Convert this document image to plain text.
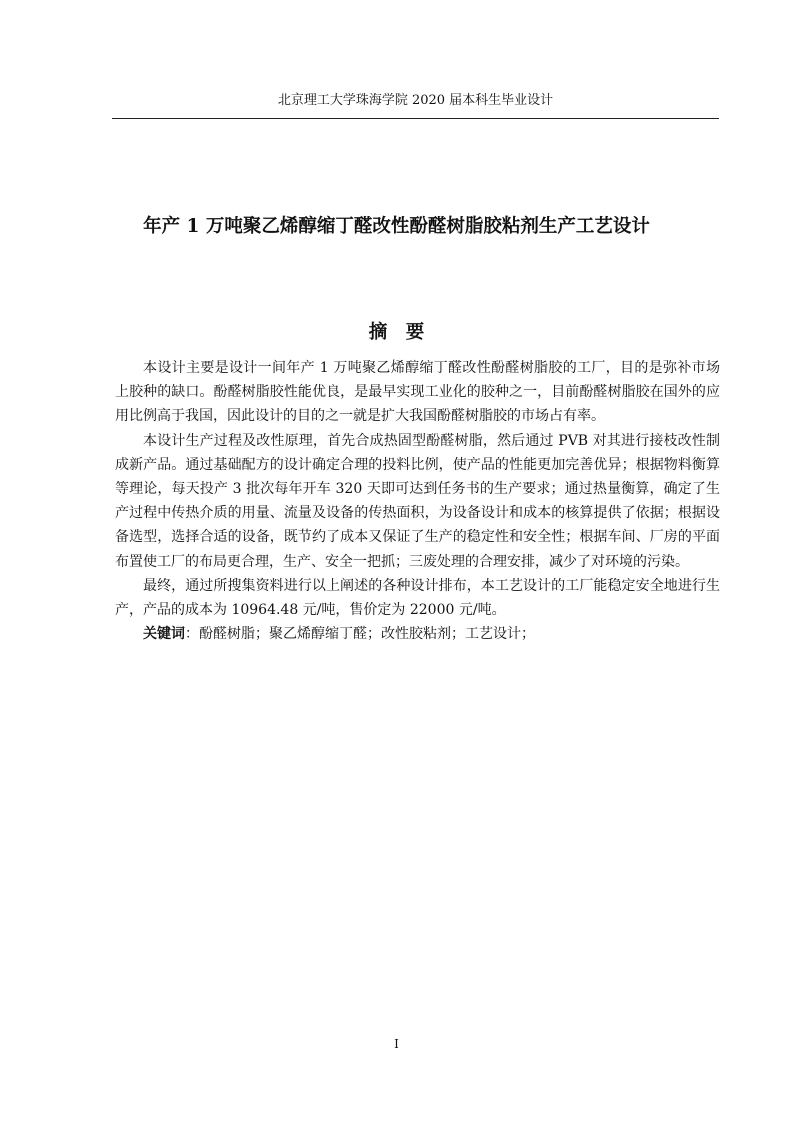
北京理工大学珠海学院 2020 届本科生毕业设计
年产 1 万吨聚乙烯醇缩丁醛改性酚醛树脂胶粘剂生产工艺设计
摘　要

本设计主要是设计一间年产 1 万吨聚乙烯醇缩丁醛改性酚醛树脂胶的工厂，目的是弥补市场上胶种的缺口。酚醛树脂胶性能优良，是最早实现工业化的胶种之一，目前酚醛树脂胶在国外的应用比例高于我国，因此设计的目的之一就是扩大我国酚醛树脂胶的市场占有率。

本设计生产过程及改性原理，首先合成热固型酚醛树脂，然后通过 PVB 对其进行接枝改性制成新产品。通过基础配方的设计确定合理的投料比例，使产品的性能更加完善优异；根据物料衡算等理论，每天投产 3 批次每年开车 320 天即可达到任务书的生产要求；通过热量衡算，确定了生产过程中传热介质的用量、流量及设备的传热面积，为设备设计和成本的核算提供了依据；根据设备选型，选择合适的设备，既节约了成本又保证了生产的稳定性和安全性；根据车间、厂房的平面布置使工厂的布局更合理，生产、安全一把抓；三废处理的合理安排，减少了对环境的污染。

最终，通过所搜集资料进行以上阐述的各种设计排布，本工艺设计的工厂能稳定安全地进行生产，产品的成本为 10964.48 元/吨，售价定为 22000 元/吨。

关键词：酚醛树脂；聚乙烯醇缩丁醛；改性胶粘剂；工艺设计；

I
